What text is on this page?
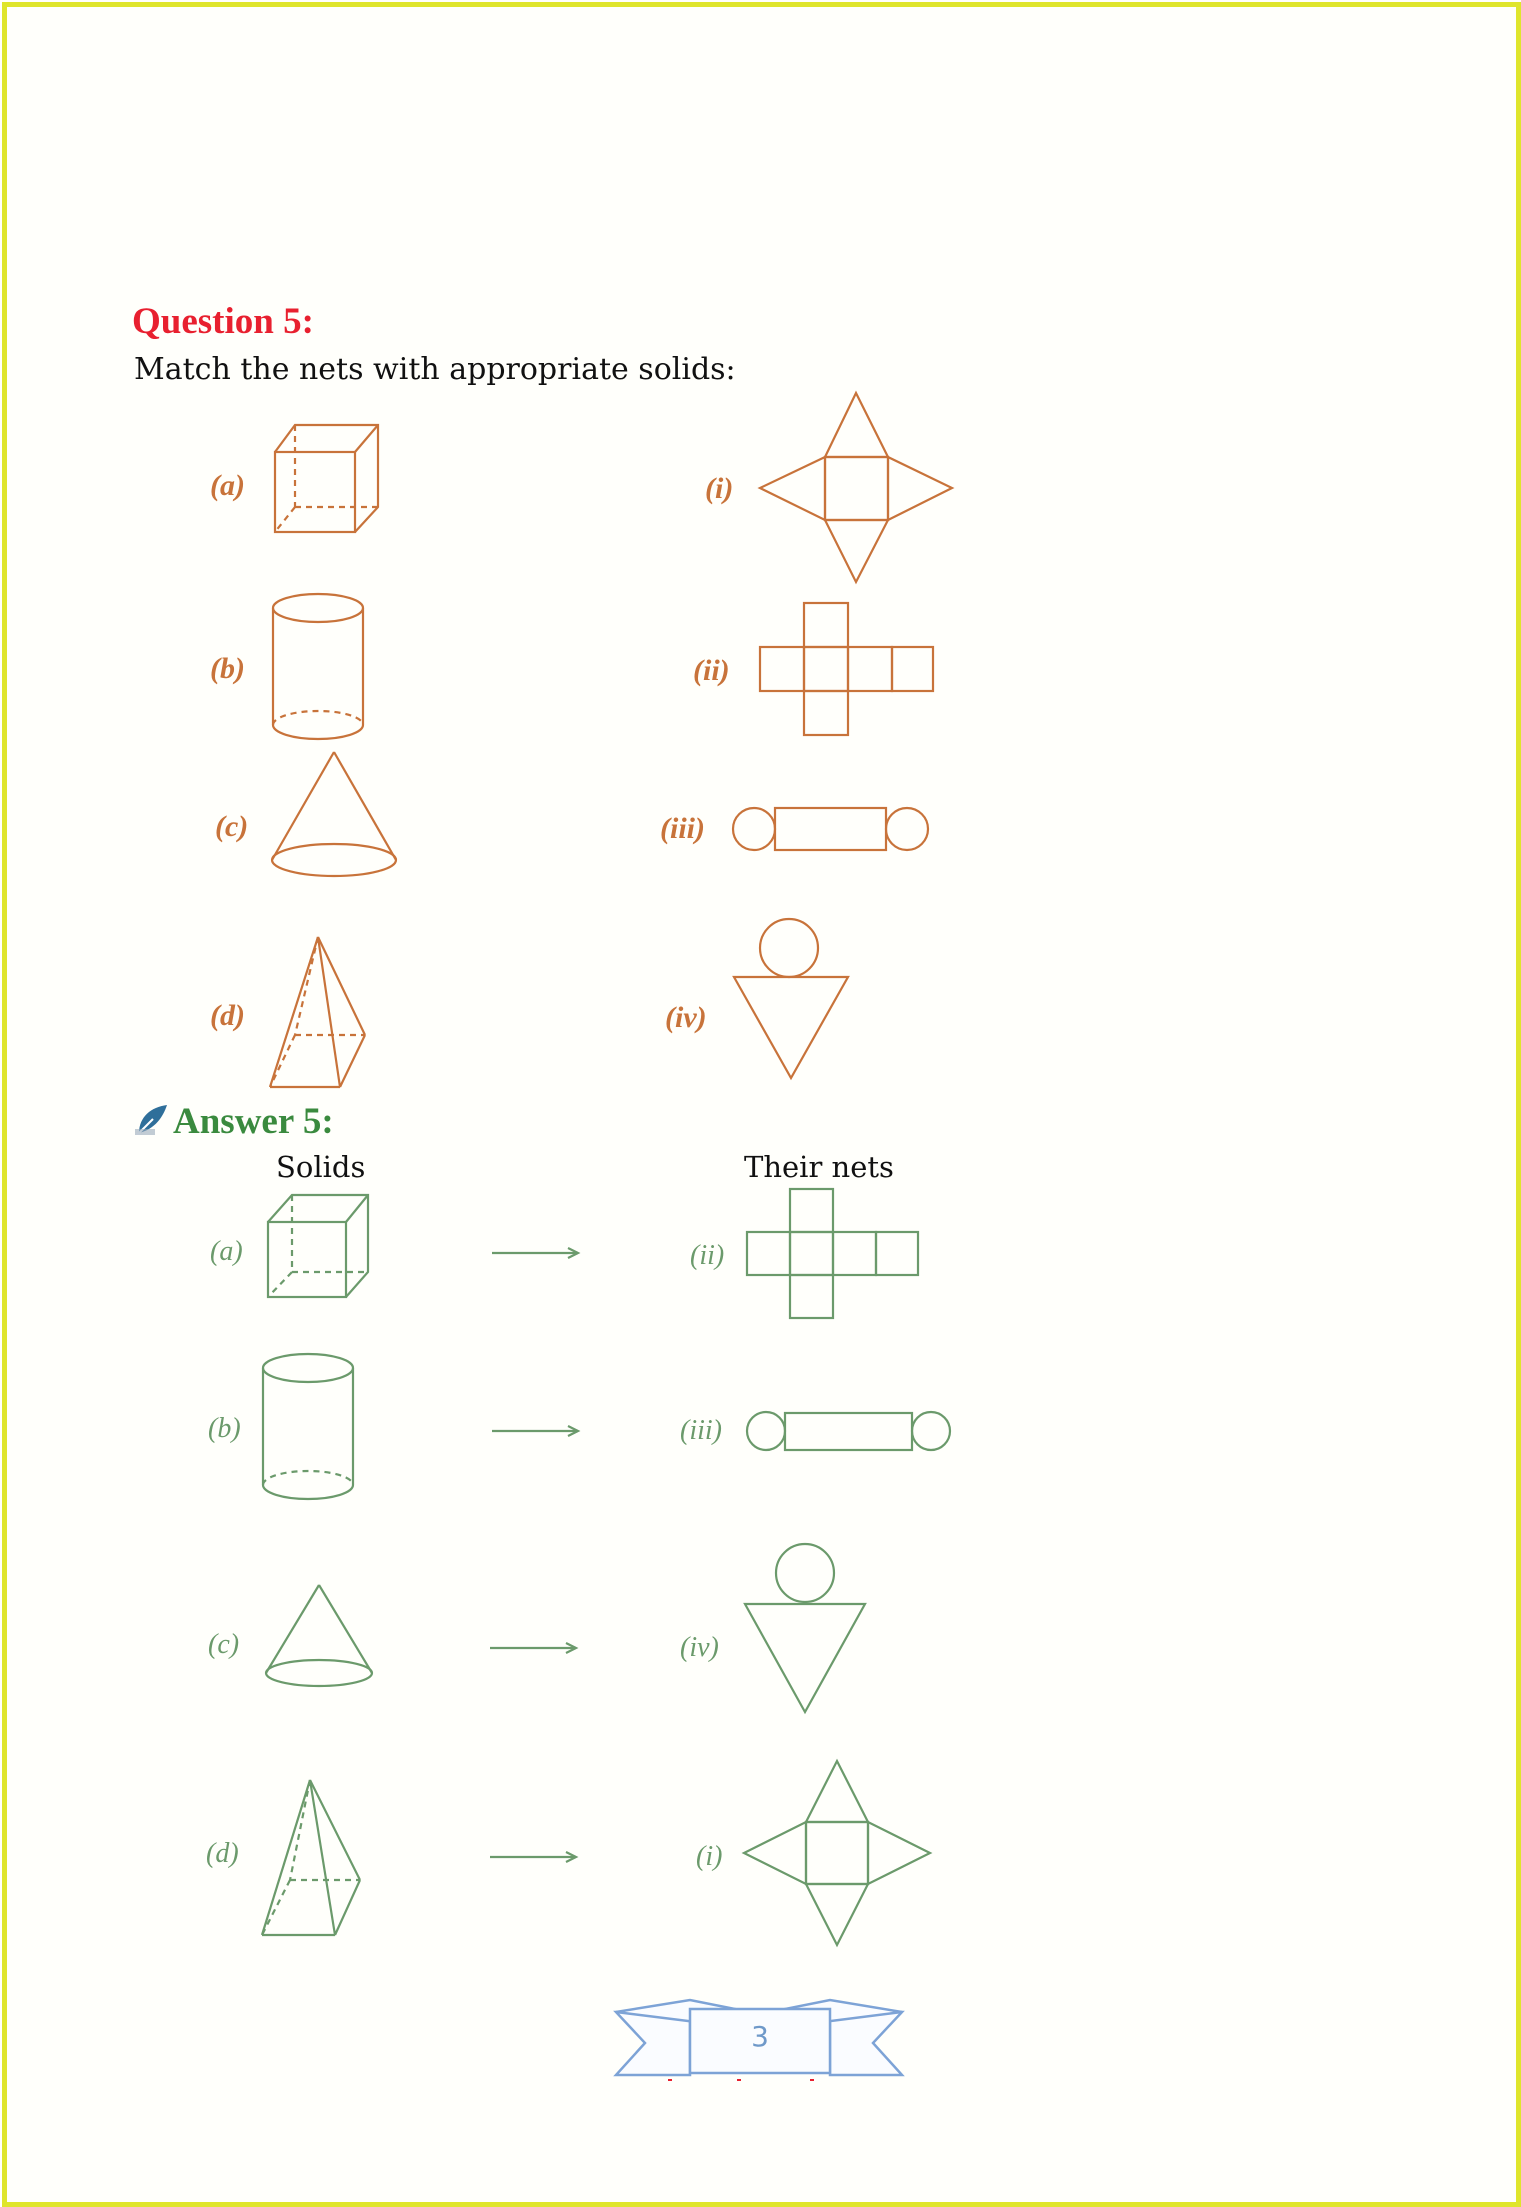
Question 5:
Match the nets with appropriate solids:
Answer 5:
Solids	Their nets
(a)
(b)
(c)
(d)
(i)
(ii)
(iii)
(iv)
(a)
(b)
(c)
(d)
(ii)
(iii)
(iv)
(i)
3
